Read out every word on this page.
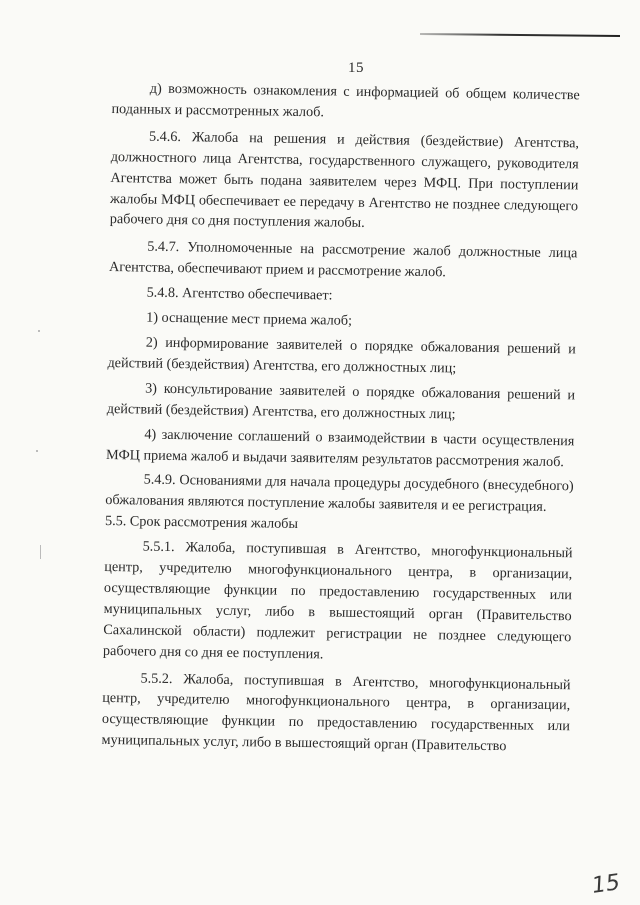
15

д) возможность ознакомления с информацией об общем количестве поданных и рассмотренных жалоб.

5.4.6. Жалоба на решения и действия (бездействие) Агентства, должностного лица Агентства, государственного служащего, руководителя Агентства может быть подана заявителем через МФЦ. При поступлении жалобы МФЦ обеспечивает ее передачу в Агентство не позднее следующего рабочего дня со дня поступления жалобы.

5.4.7. Уполномоченные на рассмотрение жалоб должностные лица Агентства, обеспечивают прием и рассмотрение жалоб.

5.4.8. Агентство обеспечивает:

1) оснащение мест приема жалоб;

2) информирование заявителей о порядке обжалования решений и действий (бездействия) Агентства, его должностных лиц;

3) консультирование заявителей о порядке обжалования решений и действий (бездействия) Агентства, его должностных лиц;

4) заключение соглашений о взаимодействии в части осуществления МФЦ приема жалоб и выдачи заявителям результатов рассмотрения жалоб.

5.4.9. Основаниями для начала процедуры досудебного (внесудебного) обжалования являются поступление жалобы заявителя и ее регистрация.

5.5. Срок рассмотрения жалобы

5.5.1. Жалоба, поступившая в Агентство, многофункциональный центр, учредителю многофункционального центра, в организации, осуществляющие функции по предоставлению государственных или муниципальных услуг, либо в вышестоящий орган (Правительство Сахалинской области) подлежит регистрации не позднее следующего рабочего дня со дня ее поступления.

5.5.2. Жалоба, поступившая в Агентство, многофункциональный центр, учредителю многофункционального центра, в организации, осуществляющие функции по предоставлению государственных или муниципальных услуг, либо в вышестоящий орган (Правительство

15
